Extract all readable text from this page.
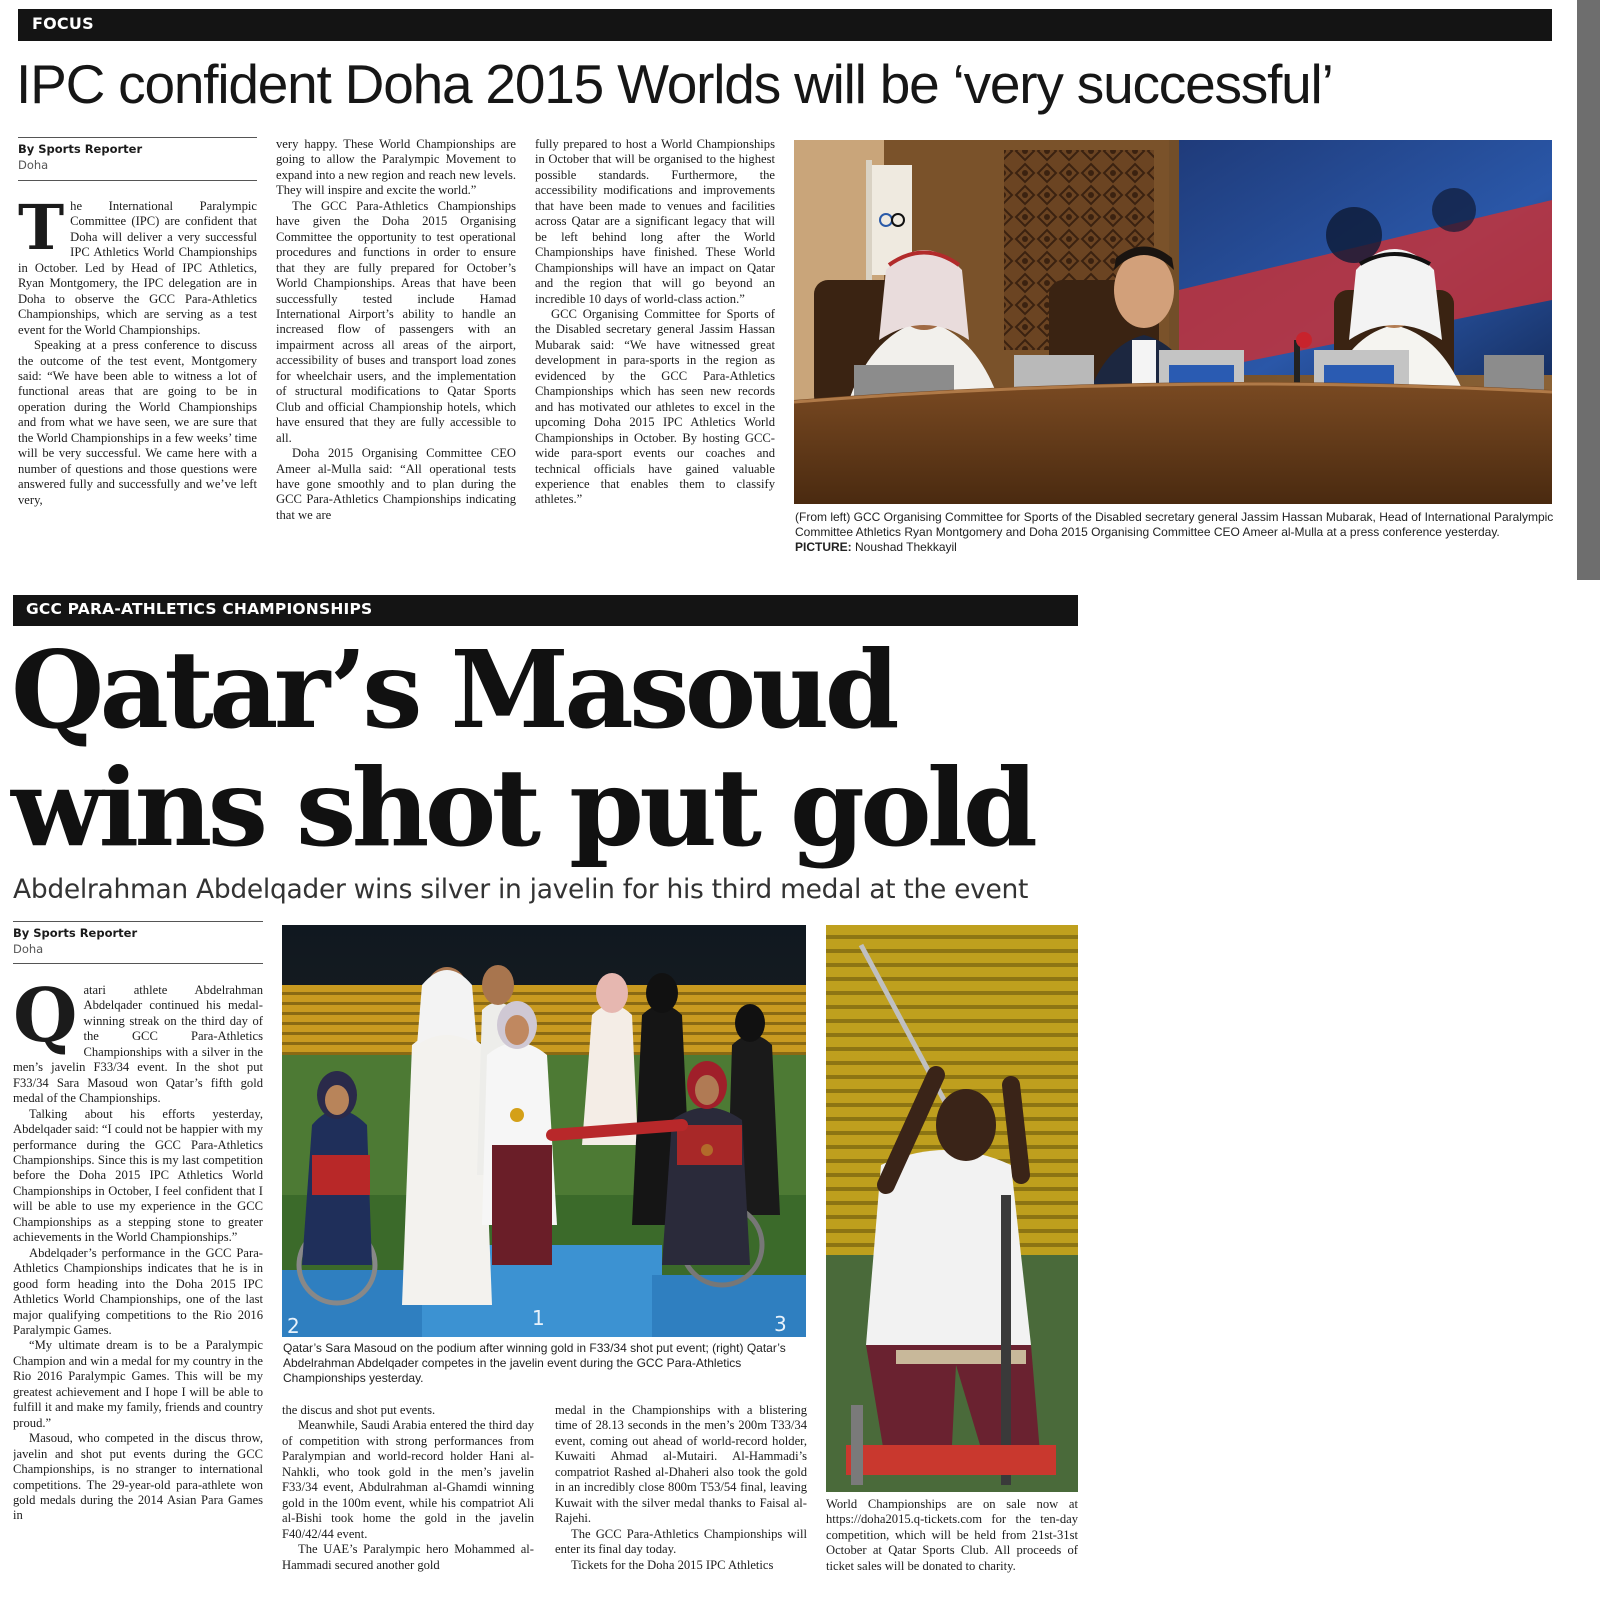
FOCUS
IPC confident Doha 2015 Worlds will be ‘very successful’
By Sports Reporter
Doha
T he International Paralympic Committee (IPC) are confident that Doha will deliver a very successful IPC Athletics World Championships in October. Led by Head of IPC Athletics, Ryan Montgomery, the IPC delegation are in Doha to observe the GCC Para-Athletics Championships, which are serving as a test event for the World Championships.

Speaking at a press conference to discuss the outcome of the test event, Montgomery said: “We have been able to witness a lot of functional areas that are going to be in operation during the World Championships and from what we have seen, we are sure that the World Championships in a few weeks’ time will be very successful. We came here with a number of questions and those questions were answered fully and successfully and we’ve left very,

very happy. These World Championships are going to allow the Paralympic Movement to expand into a new region and reach new levels. They will inspire and excite the world.”

The GCC Para-Athletics Championships have given the Doha 2015 Organising Committee the opportunity to test operational procedures and functions in order to ensure that they are fully prepared for October’s World Championships. Areas that have been successfully tested include Hamad International Airport’s ability to handle an increased flow of passengers with an impairment across all areas of the airport, accessibility of buses and transport load zones for wheelchair users, and the implementation of structural modifications to Qatar Sports Club and official Championship hotels, which have ensured that they are fully accessible to all.

Doha 2015 Organising Committee CEO Ameer al-Mulla said: “All operational tests have gone smoothly and to plan during the GCC Para-Athletics Championships indicating that we are

fully prepared to host a World Championships in October that will be organised to the highest possible standards. Furthermore, the accessibility modifications and improvements that have been made to venues and facilities across Qatar are a significant legacy that will be left behind long after the World Championships have finished. These World Championships will have an impact on Qatar and the region that will go beyond an incredible 10 days of world-class action.”

GCC Organising Committee for Sports of the Disabled secretary general Jassim Hassan Mubarak said: “We have witnessed great development in para-sports in the region as evidenced by the GCC Para-Athletics Championships which has seen new records and has motivated our athletes to excel in the upcoming Doha 2015 IPC Athletics World Championships in October. By hosting GCC-wide para-sport events our coaches and technical officials have gained valuable experience that enables them to classify athletes.”

(From left) GCC Organising Committee for Sports of the Disabled secretary general Jassim Hassan Mubarak, Head of International Paralympic Committee Athletics Ryan Montgomery and Doha 2015 Organising Committee CEO Ameer al-Mulla at a press conference yesterday. PICTURE: Noushad Thekkayil
GCC PARA-ATHLETICS CHAMPIONSHIPS
Qatar’s Masoud
wins shot put gold
Abdelrahman Abdelqader wins silver in javelin for his third medal at the event
By Sports Reporter
Doha
Q atari athlete Abdelrahman Abdelqader continued his medal-winning streak on the third day of the GCC Para-Athletics Championships with a silver in the men’s javelin F33/34 event. In the shot put F33/34 Sara Masoud won Qatar’s fifth gold medal of the Championships.

Talking about his efforts yesterday, Abdelqader said: “I could not be happier with my performance during the GCC Para-Athletics Championships. Since this is my last competition before the Doha 2015 IPC Athletics World Championships in October, I feel confident that I will be able to use my experience in the GCC Championships as a stepping stone to greater achievements in the World Championships.”

Abdelqader’s performance in the GCC Para-Athletics Championships indicates that he is in good form heading into the Doha 2015 IPC Athletics World Championships, one of the last major qualifying competitions to the Rio 2016 Paralympic Games.

“My ultimate dream is to be a Paralympic Champion and win a medal for my country in the Rio 2016 Paralympic Games. This will be my greatest achievement and I hope I will be able to fulfill it and make my family, friends and country proud.”

Masoud, who competed in the discus throw, javelin and shot put events during the GCC Championships, is no stranger to international competitions. The 29-year-old para-athlete won gold medals during the 2014 Asian Para Games in

2	1	3
Qatar’s Sara Masoud on the podium after winning gold in F33/34 shot put event; (right) Qatar’s Abdelrahman Abdelqader competes in the javelin event during the GCC Para-Athletics Championships yesterday.

the discus and shot put events.

Meanwhile, Saudi Arabia entered the third day of competition with strong performances from Paralympian and world-record holder Hani al-Nahkli, who took gold in the men’s javelin F33/34 event, Abdulrahman al-Ghamdi winning gold in the 100m event, while his compatriot Ali al-Bishi took home the gold in the javelin F40/42/44 event.

The UAE’s Paralympic hero Mohammed al-Hammadi secured another gold

medal in the Championships with a blistering time of 28.13 seconds in the men’s 200m T33/34 event, coming out ahead of world-record holder, Kuwaiti Ahmad al-Mutairi. Al-Hammadi’s compatriot Rashed al-Dhaheri also took the gold in an incredibly close 800m T53/54 final, leaving Kuwait with the silver medal thanks to Faisal al-Rajehi.

The GCC Para-Athletics Championships will enter its final day today.

Tickets for the Doha 2015 IPC Athletics

World Championships are on sale now at https://doha2015.q-tickets.com for the ten-day competition, which will be held from 21st-31st October at Qatar Sports Club. All proceeds of ticket sales will be donated to charity.
